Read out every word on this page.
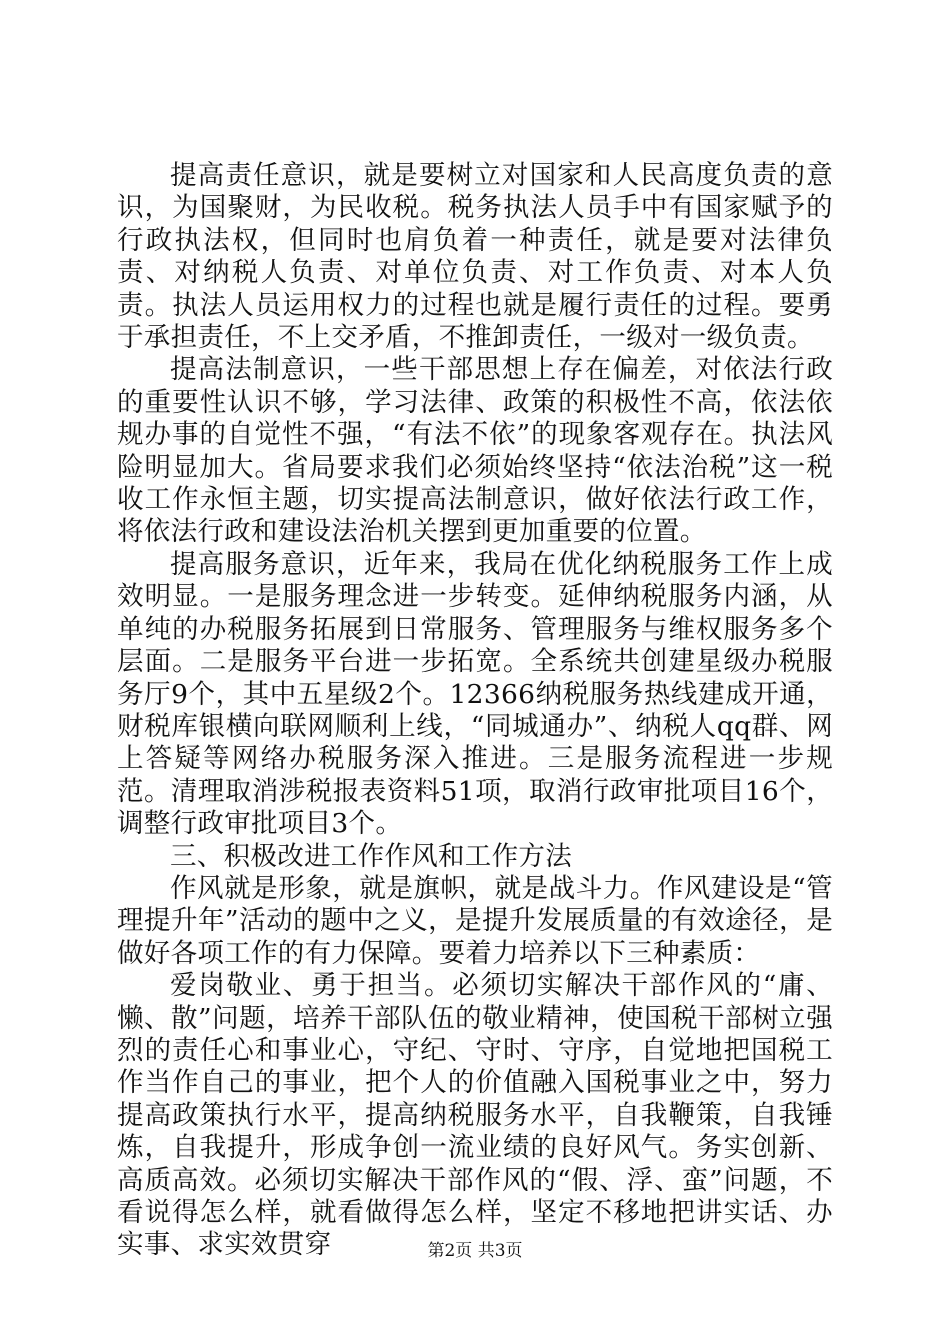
提高责任意识，就是要树立对国家和人民高度负责的意识，为国聚财，为民收税。税务执法人员手中有国家赋予的行政执法权，但同时也肩负着一种责任，就是要对法律负责、对纳税人负责、对单位负责、对工作负责、对本人负责。执法人员运用权力的过程也就是履行责任的过程。要勇于承担责任，不上交矛盾，不推卸责任，一级对一级负责。

提高法制意识，一些干部思想上存在偏差，对依法行政的重要性认识不够，学习法律、政策的积极性不高，依法依规办事的自觉性不强，“有法不依”的现象客观存在。执法风险明显加大。省局要求我们必须始终坚持“依法治税”这一税收工作永恒主题，切实提高法制意识，做好依法行政工作，将依法行政和建设法治机关摆到更加重要的位置。

提高服务意识，近年来，我局在优化纳税服务工作上成效明显。一是服务理念进一步转变。延伸纳税服务内涵，从单纯的办税服务拓展到日常服务、管理服务与维权服务多个层面。二是服务平台进一步拓宽。全系统共创建星级办税服务厅9个，其中五星级2个。12366纳税服务热线建成开通，财税库银横向联网顺利上线，“同城通办”、纳税人qq群、网上答疑等网络办税服务深入推进。三是服务流程进一步规范。清理取消涉税报表资料51项，取消行政审批项目16个，调整行政审批项目3个。

三、积极改进工作作风和工作方法

作风就是形象，就是旗帜，就是战斗力。作风建设是“管理提升年”活动的题中之义，是提升发展质量的有效途径，是做好各项工作的有力保障。要着力培养以下三种素质：

爱岗敬业、勇于担当。必须切实解决干部作风的“庸、懒、散”问题，培养干部队伍的敬业精神，使国税干部树立强烈的责任心和事业心，守纪、守时、守序，自觉地把国税工作当作自己的事业，把个人的价值融入国税事业之中，努力提高政策执行水平，提高纳税服务水平，自我鞭策，自我锤炼，自我提升，形成争创一流业绩的良好风气。务实创新、高质高效。必须切实解决干部作风的“假、浮、蛮”问题，不看说得怎么样，就看做得怎么样，坚定不移地把讲实话、办实事、求实效贯穿	第2页 共3页
